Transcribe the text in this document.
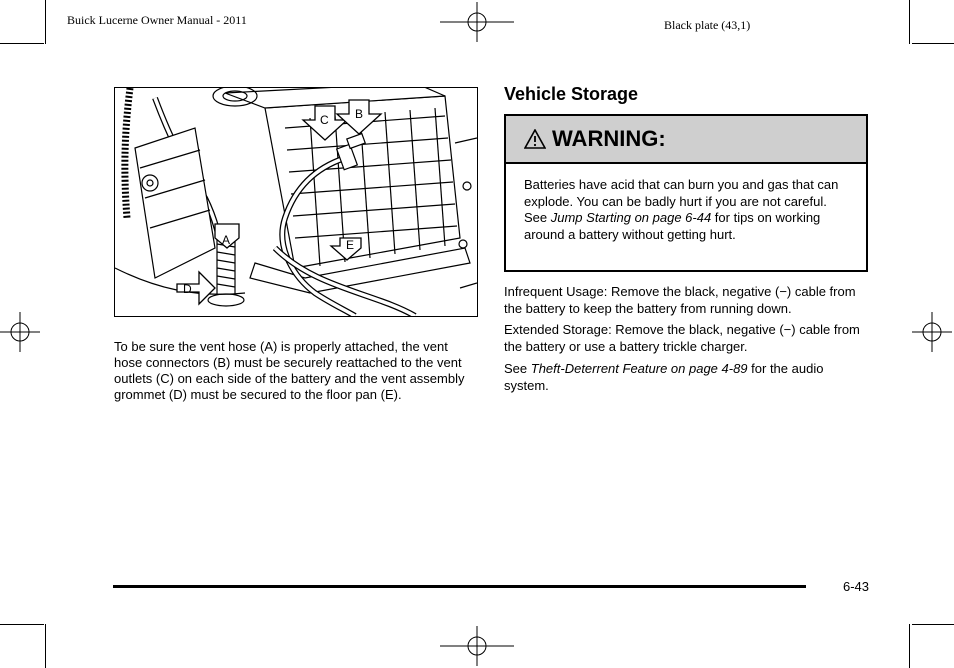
Buick Lucerne Owner Manual - 2011	Black plate (43,1)
C B
A
D
E
To be sure the vent hose (A) is properly attached, the vent hose connectors (B) must be securely reattached to the vent outlets (C) on each side of the battery and the vent assembly grommet (D) must be secured to the floor pan (E).
Vehicle Storage
WARNING:
Batteries have acid that can burn you and gas that can explode. You can be badly hurt if you are not careful. See Jump Starting on page 6-44 for tips on working around a battery without getting hurt.
Infrequent Usage: Remove the black, negative (−) cable from the battery to keep the battery from running down.
Extended Storage: Remove the black, negative (−) cable from the battery or use a battery trickle charger.
See Theft-Deterrent Feature on page 4-89 for the audio system.
6-43
